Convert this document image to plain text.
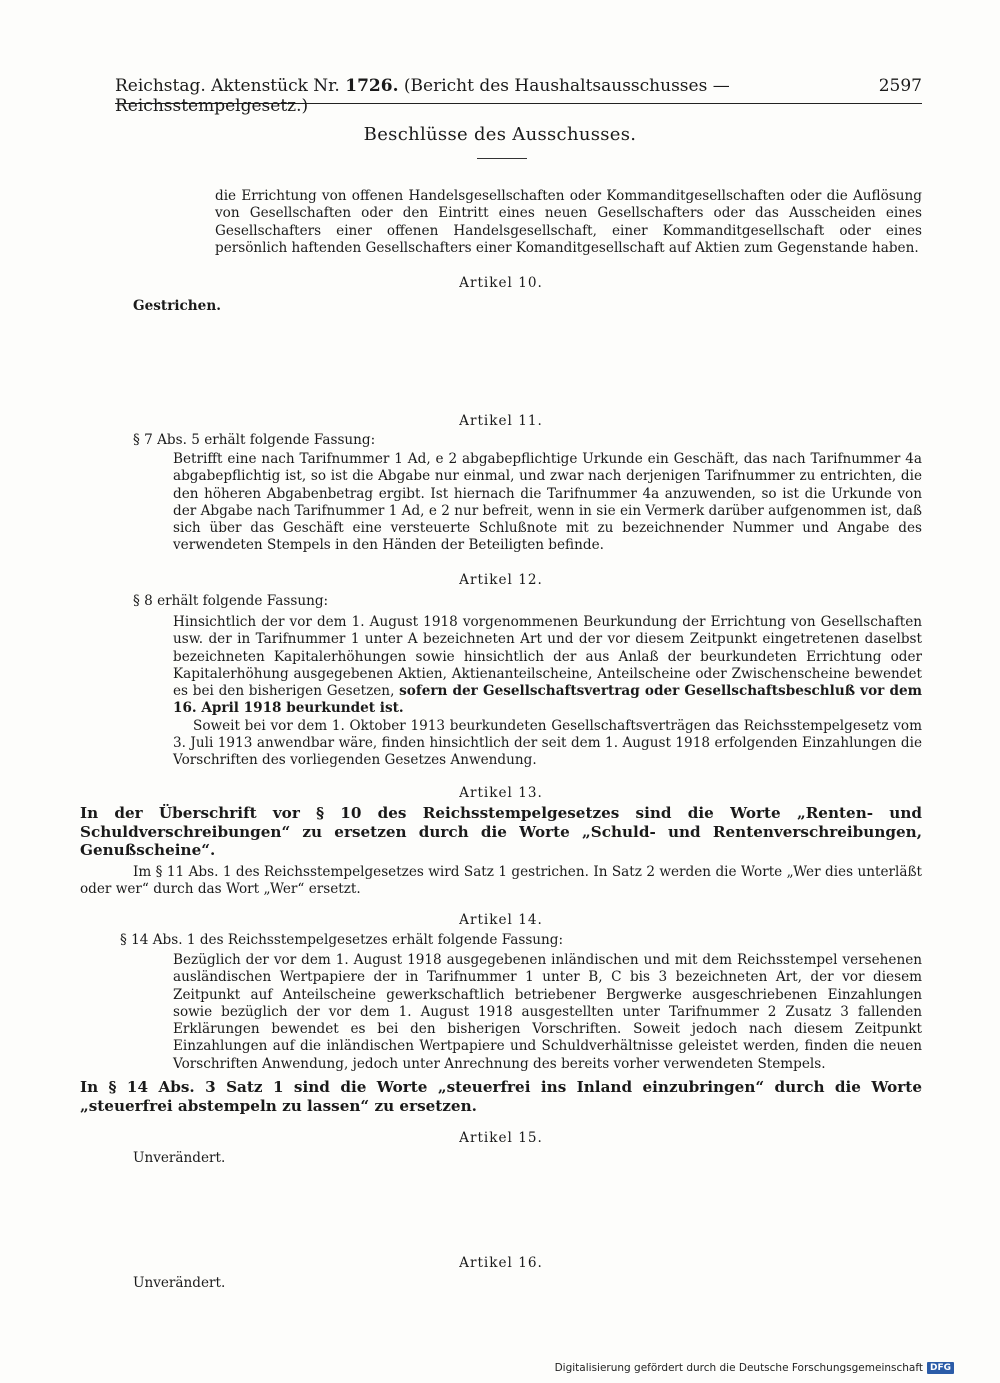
Reichstag. Aktenstück Nr. 1726. (Bericht des Haushaltsausschusses — Reichsstempelgesetz.)
2597
Beschlüsse des Ausschusses.

die Errichtung von offenen Handelsgesellschaften oder Kommanditgesellschaften oder die Auflösung von Gesellschaften oder den Eintritt eines neuen Gesellschafters oder das Ausscheiden eines Gesellschafters einer offenen Handelsgesellschaft, einer Kommanditgesellschaft oder eines persönlich haftenden Gesellschafters einer Komanditgesellschaft auf Aktien zum Gegenstande haben.

Artikel 10.
Gestrichen.
Artikel 11.
§ 7 Abs. 5 erhält folgende Fassung:

Betrifft eine nach Tarifnummer 1 Ad, e 2 abgabepflichtige Urkunde ein Geschäft, das nach Tarifnummer 4a abgabepflichtig ist, so ist die Abgabe nur einmal, und zwar nach derjenigen Tarifnummer zu entrichten, die den höheren Abgabenbetrag ergibt. Ist hiernach die Tarifnummer 4a anzuwenden, so ist die Urkunde von der Abgabe nach Tarifnummer 1 Ad, e 2 nur befreit, wenn in sie ein Vermerk darüber aufgenommen ist, daß sich über das Geschäft eine versteuerte Schlußnote mit zu bezeichnender Nummer und Angabe des verwendeten Stempels in den Händen der Beteiligten befinde.

Artikel 12.
§ 8 erhält folgende Fassung:

Hinsichtlich der vor dem 1. August 1918 vorgenommenen Beurkundung der Errichtung von Gesellschaften usw. der in Tarifnummer 1 unter A bezeichneten Art und der vor diesem Zeitpunkt eingetretenen daselbst bezeichneten Kapitalerhöhungen sowie hinsichtlich der aus Anlaß der beurkundeten Errichtung oder Kapitalerhöhung ausgegebenen Aktien, Aktienanteilscheine, Anteilscheine oder Zwischenscheine bewendet es bei den bisherigen Gesetzen, sofern der Gesellschaftsvertrag oder Gesellschaftsbeschluß vor dem 16. April 1918 beurkundet ist.

Soweit bei vor dem 1. Oktober 1913 beurkundeten Gesellschaftsverträgen das Reichsstempelgesetz vom 3. Juli 1913 anwendbar wäre, finden hinsichtlich der seit dem 1. August 1918 erfolgenden Einzahlungen die Vorschriften des vorliegenden Gesetzes Anwendung.

Artikel 13.
In der Überschrift vor § 10 des Reichsstempelgesetzes sind die Worte „Renten- und Schuldverschreibungen“ zu ersetzen durch die Worte „Schuld- und Rentenverschreibungen, Genußscheine“.

Im § 11 Abs. 1 des Reichsstempelgesetzes wird Satz 1 gestrichen. In Satz 2 werden die Worte „Wer dies unterläßt oder wer“ durch das Wort „Wer“ ersetzt.

Artikel 14.
§ 14 Abs. 1 des Reichsstempelgesetzes erhält folgende Fassung:

Bezüglich der vor dem 1. August 1918 ausgegebenen inländischen und mit dem Reichsstempel versehenen ausländischen Wertpapiere der in Tarifnummer 1 unter B, C bis 3 bezeichneten Art, der vor diesem Zeitpunkt auf Anteilscheine gewerkschaftlich betriebener Bergwerke ausgeschriebenen Einzahlungen sowie bezüglich der vor dem 1. August 1918 ausgestellten unter Tarifnummer 2 Zusatz 3 fallenden Erklärungen bewendet es bei den bisherigen Vorschriften. Soweit jedoch nach diesem Zeitpunkt Einzahlungen auf die inländischen Wertpapiere und Schuldverhältnisse geleistet werden, finden die neuen Vorschriften Anwendung, jedoch unter Anrechnung des bereits vorher verwendeten Stempels.

In § 14 Abs. 3 Satz 1 sind die Worte „steuerfrei ins Inland einzubringen“ durch die Worte „steuerfrei abstempeln zu lassen“ zu ersetzen.
Artikel 15.
Unverändert.
Artikel 16.
Unverändert.
Digitalisierung gefördert durch die Deutsche Forschungsgemeinschaft DFG
